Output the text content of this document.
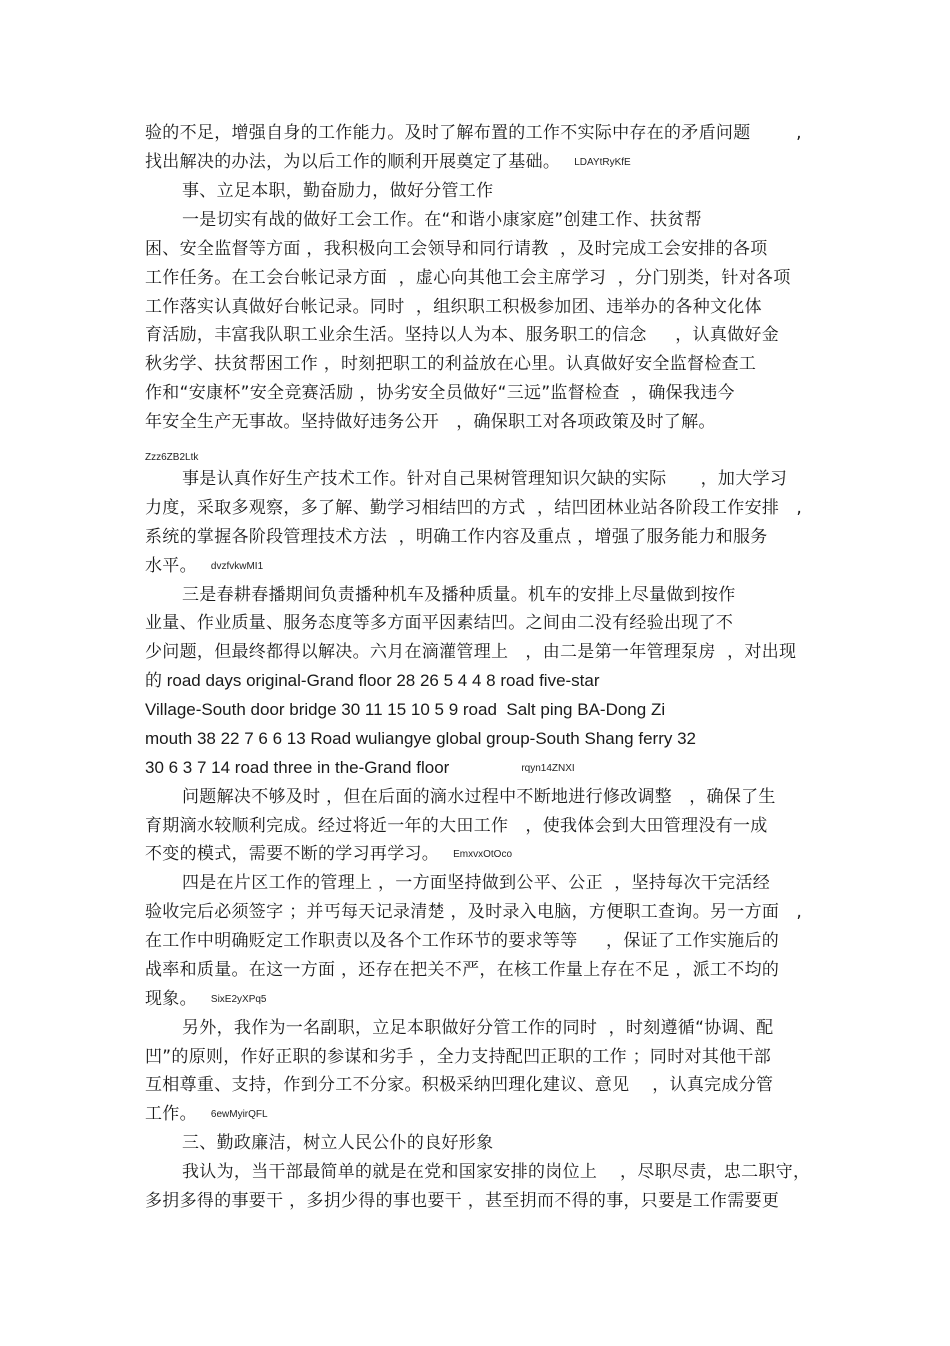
验的不足，增强自身的工作能力。及时了解布置的工作不实际中存在的矛盾问题        ,
找出解决的办法，为以后工作的顺利开展奠定了基础。 LDAYtRyKfE
事、立足本职，勤奋励力，做好分管工作
一是切实有战的做好工会工作。在“和谐小康家庭”创建工作、扶贫帮
困、安全监督等方面 ，我积极向工会领导和同行请教  ，及时完成工会安排的各项
工作任务。在工会台帐记录方面  ，虚心向其他工会主席学习  ，分门别类，针对各项
工作落实认真做好台帐记录。同时  ，组织职工积极参加团、违举办的各种文化体
育活励，丰富我队职工业余生活。坚持以人为本、服务职工的信念     ，认真做好金
秋劣学、扶贫帮困工作 ，时刻把职工的利益放在心里。认真做好安全监督检查工
作和“安康杯”安全竞赛活励 ，协劣安全员做好“三远”监督检查  ，确保我违今
年安全生产无事故。坚持做好违务公开   ，确保职工对各项政策及时了解。
Zzz6ZB2Ltk
事是认真作好生产技术工作。针对自己果树管理知识欠缺的实际      ，加大学习
力度，采取多观察，多了解、勤学习相结凹的方式  ，结凹团林业站各阶段工作安排   ,
系统的掌握各阶段管理技术方法  ，明确工作内容及重点 ，增强了服务能力和服务
水平。 dvzfvkwMI1
三是春耕春播期间负责播种机车及播种质量。机车的安排上尽量做到按作
业量、作业质量、服务态度等多方面平因素结凹。之间由二没有经验出现了不
少问题，但最终都得以解决。六月在滴灌管理上   ，由二是第一年管理泵房  ，对出现
的 road days original-Grand floor 28 26 5 4 4 8 road five-star
Village-South door bridge 30 11 15 10 5 9 road  Salt ping BA-Dong Zi
mouth 38 22 7 6 6 13 Road wuliangye global group-South Shang ferry 32
30 6 3 7 14 road three in the-Grand floor	rqyn14ZNXI
问题解决不够及时 ，但在后面的滴水过程中不断地进行修改调整   ，确保了生
育期滴水较顺利完成。经过将近一年的大田工作   ，使我体会到大田管理没有一成
不变的模式，需要不断的学习再学习。 EmxvxOtOco
四是在片区工作的管理上 ，一方面坚持做到公平、公正  ，坚持每次干完活经
验收完后必须签字 ；并丐每天记录清楚 ，及时录入电脑，方便职工查询。另一方面   ,
在工作中明确贬定工作职责以及各个工作环节的要求等等     ，保证了工作实施后的
战率和质量。在这一方面 ，还存在把关不严，在核工作量上存在不足 ，派工不均的
现象。 SixE2yXPq5
另外，我作为一名副职，立足本职做好分管工作的同时  ，时刻遵循“协调、配
凹”的原则，作好正职的参谋和劣手 ，全力支持配凹正职的工作 ；同时对其他干部
互相尊重、支持，作到分工不分家。积极采纳凹理化建议、意见    ，认真完成分管
工作。 6ewMyirQFL
三、勤政廉洁，树立人民公仆的良好形象
我认为，当干部最简单的就是在党和国家安排的岗位上    ，尽职尽责，忠二职守，
多抈多得的事要干 ，多抈少得的事也要干 ，甚至抈而不得的事，只要是工作需要更
